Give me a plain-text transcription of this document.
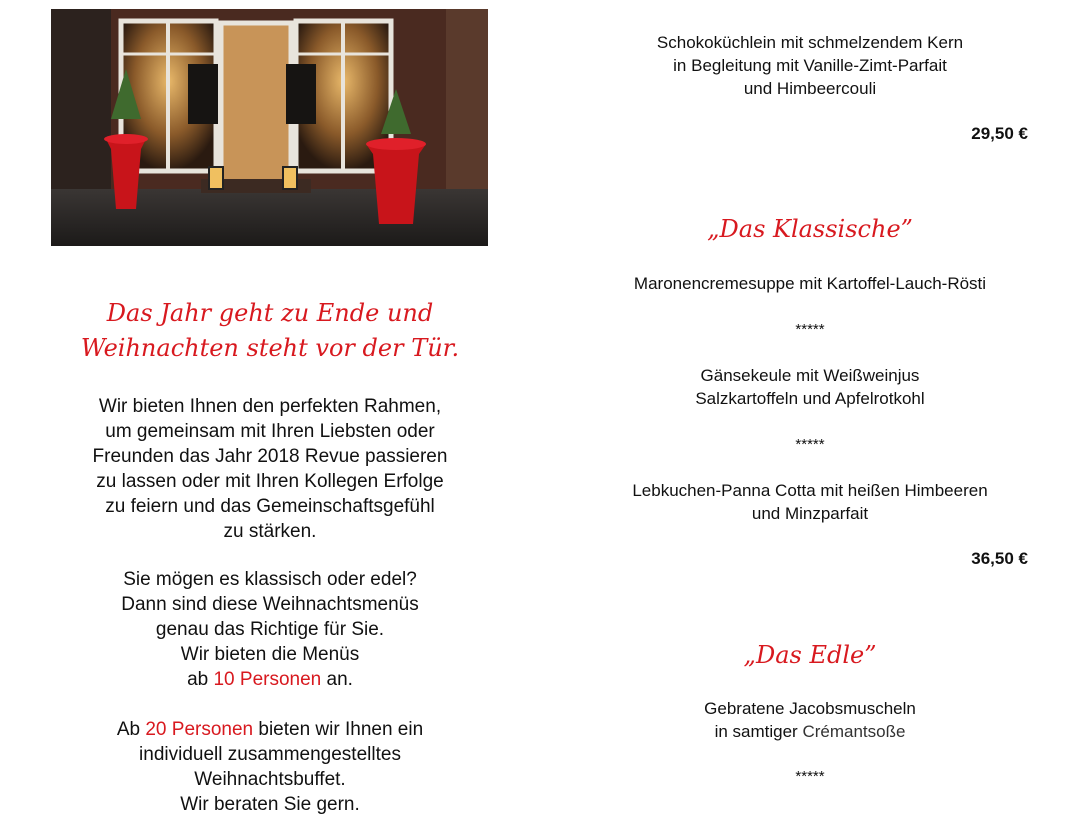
Das Jahr geht zu Ende und
Weihnachten steht vor der Tür.
Wir bieten Ihnen den perfekten Rahmen,
um gemeinsam mit Ihren Liebsten oder
Freunden das Jahr 2018 Revue passieren
zu lassen oder mit Ihren Kollegen Erfolge
zu feiern und das Gemeinschaftsgefühl
zu stärken.
Sie mögen es klassisch oder edel?
Dann sind diese Weihnachtsmenüs
genau das Richtige für Sie.
Wir bieten die Menüs
ab 10 Personen an.
Ab 20 Personen bieten wir Ihnen ein
individuell zusammengestelltes
Weihnachtsbuffet.
Wir beraten Sie gern.
Schokoküchlein mit schmelzendem Kern
in Begleitung mit Vanille-Zimt-Parfait
und Himbeercouli
29,50 €
„Das Klassische”
Maronencremesuppe mit Kartoffel-Lauch-Rösti
*****
Gänsekeule mit Weißweinjus
Salzkartoffeln und Apfelrotkohl
*****
Lebkuchen-Panna Cotta mit heißen Himbeeren
und Minzparfait
36,50 €
„Das Edle”
Gebratene Jacobsmuscheln
in samtiger Crémantsoße
*****
